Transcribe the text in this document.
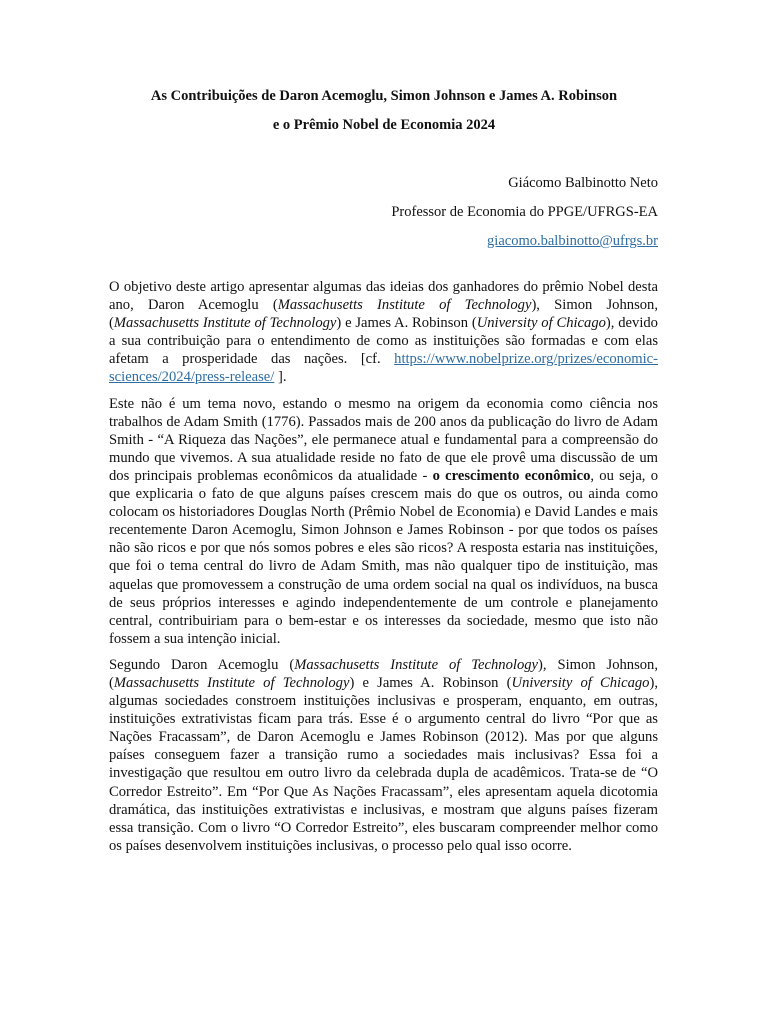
As Contribuições de Daron Acemoglu, Simon Johnson e James A. Robinson
e o Prêmio Nobel de Economia 2024
Giácomo Balbinotto Neto
Professor de Economia do PPGE/UFRGS-EA
giacomo.balbinotto@ufrgs.br

O objetivo deste artigo apresentar algumas das ideias dos ganhadores do prêmio Nobel desta ano, Daron Acemoglu (Massachusetts Institute of Technology), Simon Johnson, (Massachusetts Institute of Technology) e James A. Robinson (University of Chicago), devido a sua contribuição para o entendimento de como as instituições são formadas e com elas afetam a prosperidade das nações. [cf. https://www.nobelprize.org/prizes/economic-sciences/2024/press-release/ ].

Este não é um tema novo, estando o mesmo na origem da economia como ciência nos trabalhos de Adam Smith (1776). Passados mais de 200 anos da publicação do livro de Adam Smith - “A Riqueza das Nações”, ele permanece atual e fundamental para a compreensão do mundo que vivemos. A sua atualidade reside no fato de que ele provê uma discussão de um dos principais problemas econômicos da atualidade - o crescimento econômico, ou seja, o que explicaria o fato de que alguns países crescem mais do que os outros, ou ainda como colocam os historiadores Douglas North (Prêmio Nobel de Economia) e David Landes e mais recentemente Daron Acemoglu, Simon Johnson e James Robinson - por que todos os países não são ricos e por que nós somos pobres e eles são ricos? A resposta estaria nas instituições, que foi o tema central do livro de Adam Smith, mas não qualquer tipo de instituição, mas aquelas que promovessem a construção de uma ordem social na qual os indivíduos, na busca de seus próprios interesses e agindo independentemente de um controle e planejamento central, contribuiriam para o bem-estar e os interesses da sociedade, mesmo que isto não fossem a sua intenção inicial.

Segundo Daron Acemoglu (Massachusetts Institute of Technology), Simon Johnson, (Massachusetts Institute of Technology) e James A. Robinson (University of Chicago), algumas sociedades constroem instituições inclusivas e prosperam, enquanto, em outras, instituições extrativistas ficam para trás. Esse é o argumento central do livro “Por que as Nações Fracassam”, de Daron Acemoglu e James Robinson (2012). Mas por que alguns países conseguem fazer a transição rumo a sociedades mais inclusivas? Essa foi a investigação que resultou em outro livro da celebrada dupla de acadêmicos. Trata-se de “O Corredor Estreito”. Em “Por Que As Nações Fracassam”, eles apresentam aquela dicotomia dramática, das instituições extrativistas e inclusivas, e mostram que alguns países fizeram essa transição. Com o livro “O Corredor Estreito”, eles buscaram compreender melhor como os países desenvolvem instituições inclusivas, o processo pelo qual isso ocorre.
